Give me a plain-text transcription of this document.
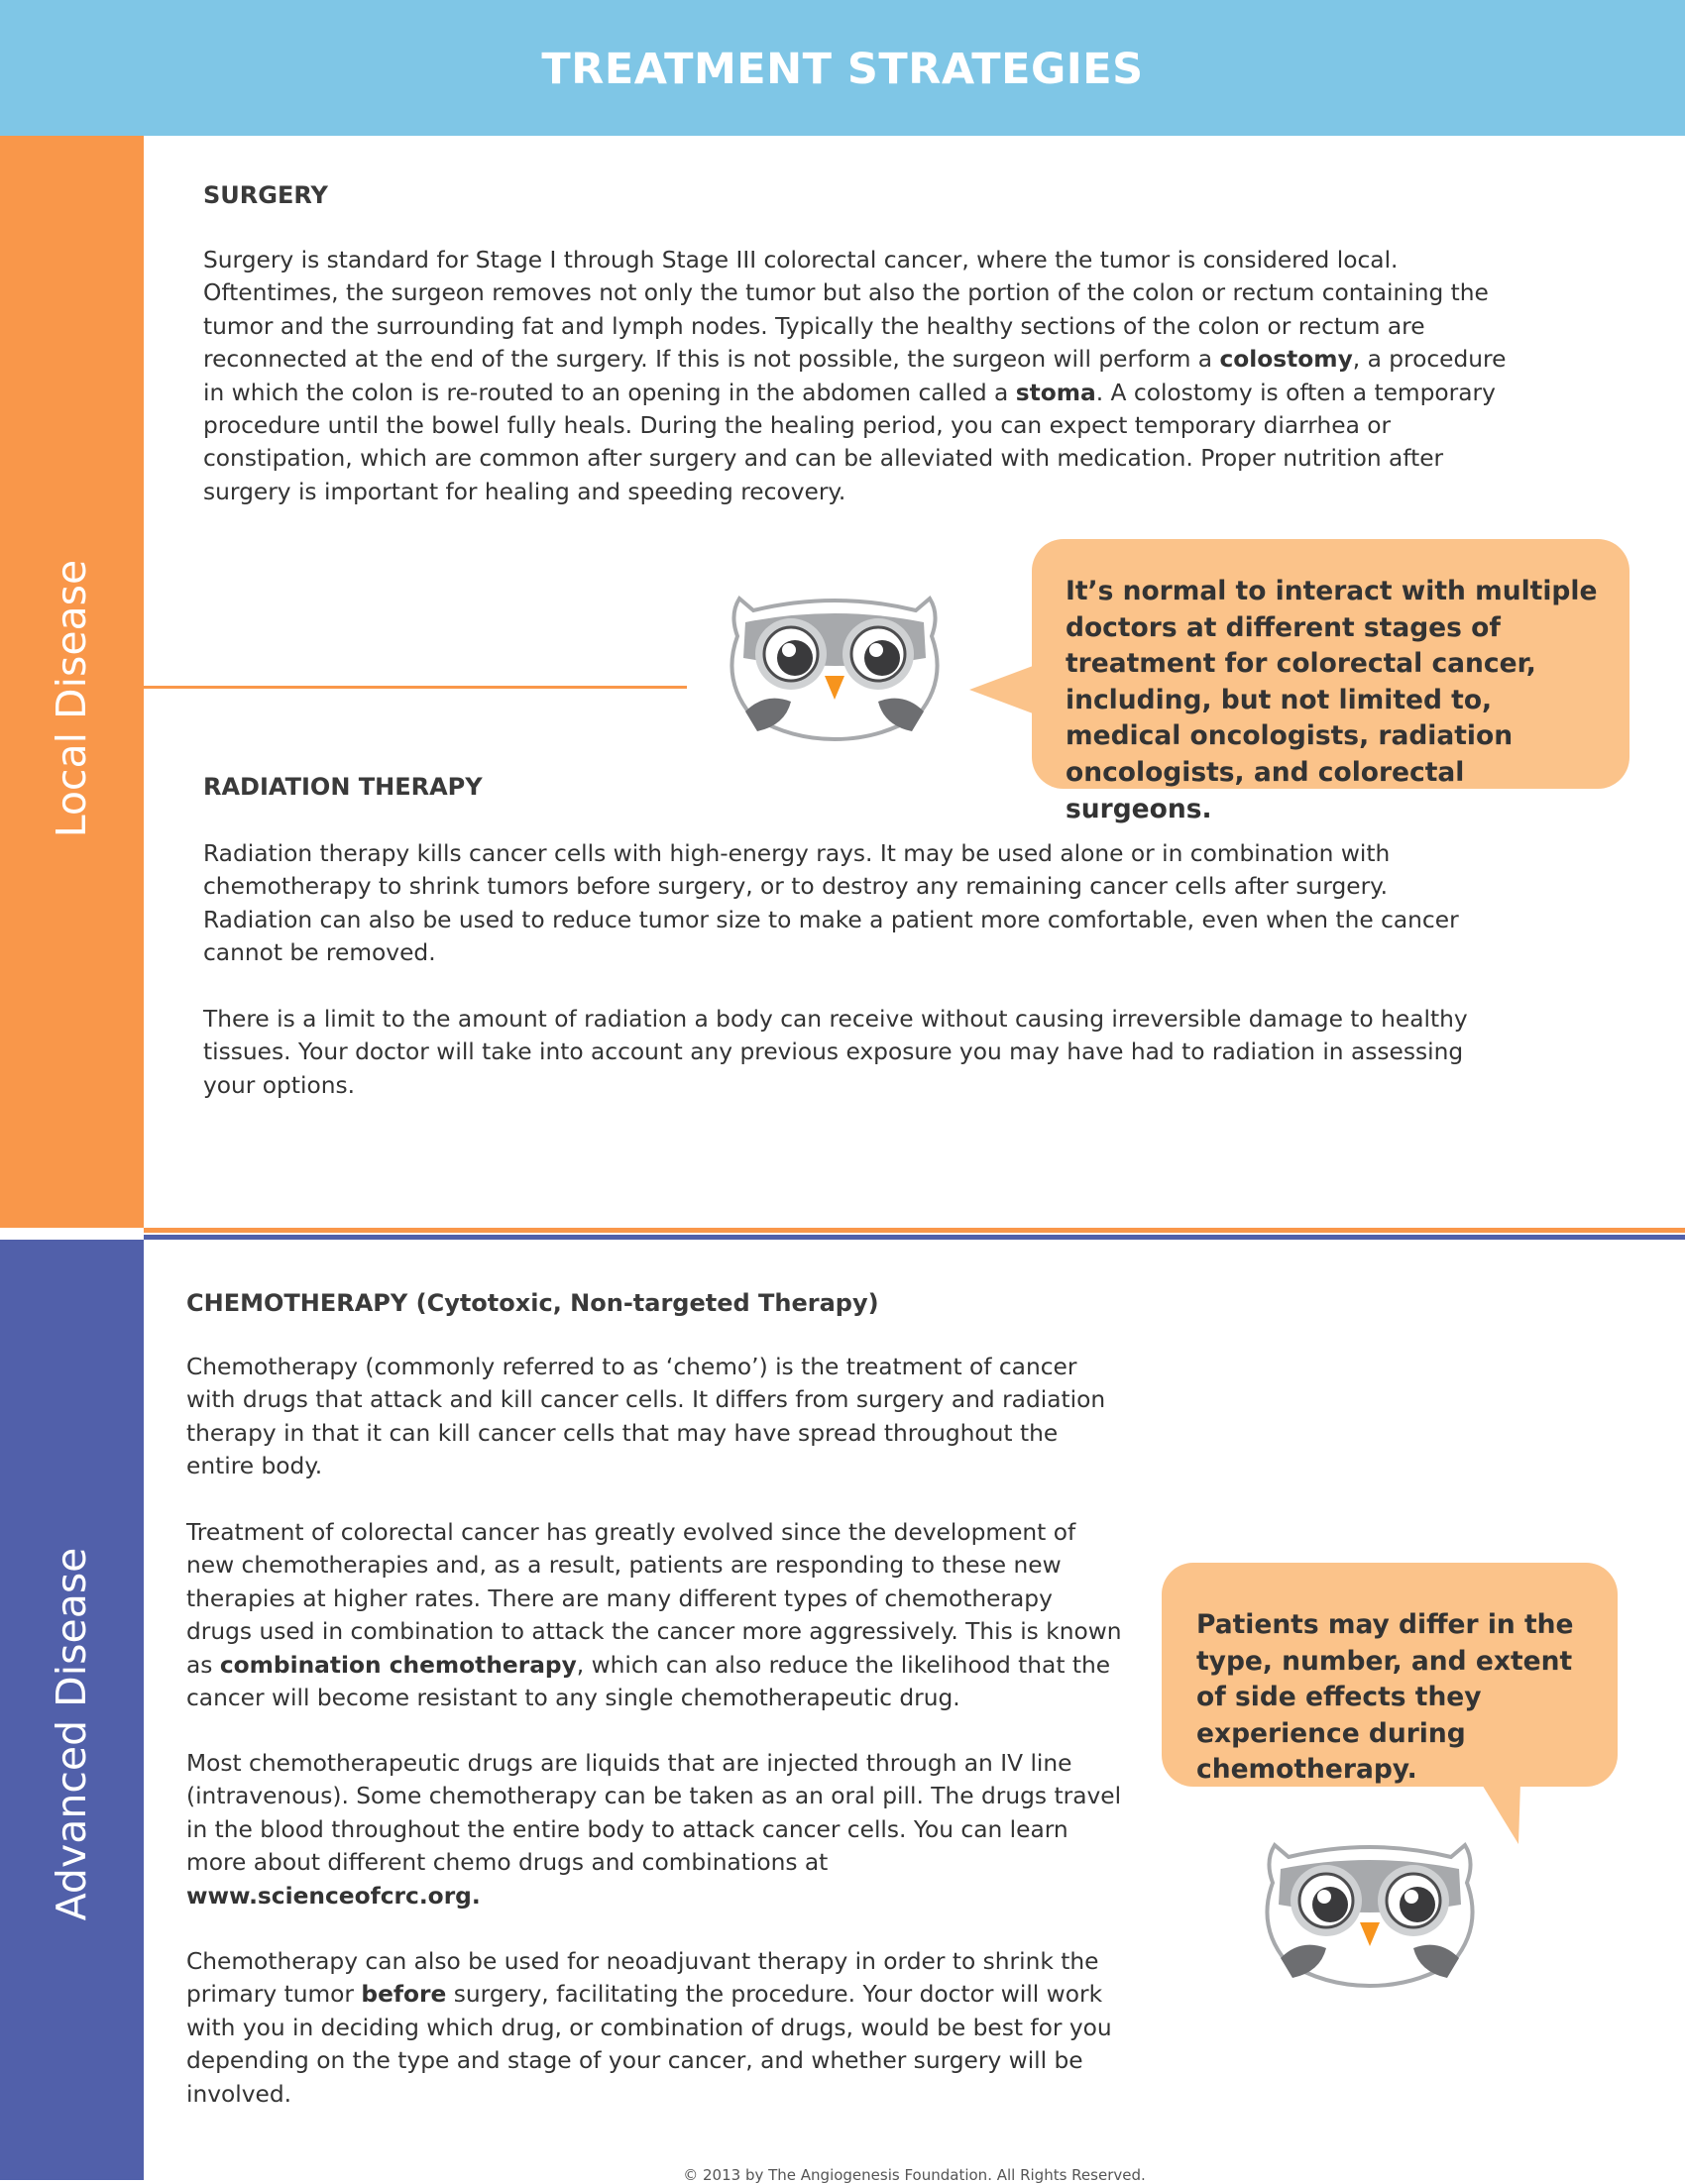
TREATMENT STRATEGIES
Local Disease
Advanced Disease
SURGERY

Surgery is standard for Stage I through Stage III colorectal cancer, where the tumor is considered local. Oftentimes, the surgeon removes not only the tumor but also the portion of the colon or rectum containing the tumor and the surrounding fat and lymph nodes. Typically the healthy sections of the colon or rectum are reconnected at the end of the surgery. If this is not possible, the surgeon will perform a colostomy, a procedure in which the colon is re-routed to an opening in the abdomen called a stoma. A colostomy is often a temporary procedure until the bowel fully heals. During the healing period, you can expect temporary diarrhea or constipation, which are common after surgery and can be alleviated with medication. Proper nutrition after surgery is important for healing and speeding recovery.

It’s normal to interact with multiple doctors at different stages of treatment for colorectal cancer, including, but not limited to, medical oncologists, radiation oncologists, and colorectal surgeons.
RADIATION THERAPY

Radiation therapy kills cancer cells with high-energy rays. It may be used alone or in combination with chemotherapy to shrink tumors before surgery, or to destroy any remaining cancer cells after surgery. Radiation can also be used to reduce tumor size to make a patient more comfortable, even when the cancer cannot be removed.

There is a limit to the amount of radiation a body can receive without causing irreversible damage to healthy tissues. Your doctor will take into account any previous exposure you may have had to radiation in assessing your options.

CHEMOTHERAPY (Cytotoxic, Non-targeted Therapy)

Chemotherapy (commonly referred to as ‘chemo’) is the treatment of cancer with drugs that attack and kill cancer cells. It differs from surgery and radiation therapy in that it can kill cancer cells that may have spread throughout the entire body.

Treatment of colorectal cancer has greatly evolved since the development of new chemotherapies and, as a result, patients are responding to these new therapies at higher rates. There are many different types of chemotherapy drugs used in combination to attack the cancer more aggressively. This is known as combination chemotherapy, which can also reduce the likelihood that the cancer will become resistant to any single chemotherapeutic drug.

Most chemotherapeutic drugs are liquids that are injected through an IV line (intravenous). Some chemotherapy can be taken as an oral pill. The drugs travel in the blood throughout the entire body to attack cancer cells. You can learn more about different chemo drugs and combinations at www.scienceofcrc.org.

Chemotherapy can also be used for neoadjuvant therapy in order to shrink the primary tumor before surgery, facilitating the procedure. Your doctor will work with you in deciding which drug, or combination of drugs, would be best for you depending on the type and stage of your cancer, and whether surgery will be involved.

Patients may differ in the type, number, and extent of side effects they experience during chemotherapy.
© 2013 by The Angiogenesis Foundation. All Rights Reserved.
